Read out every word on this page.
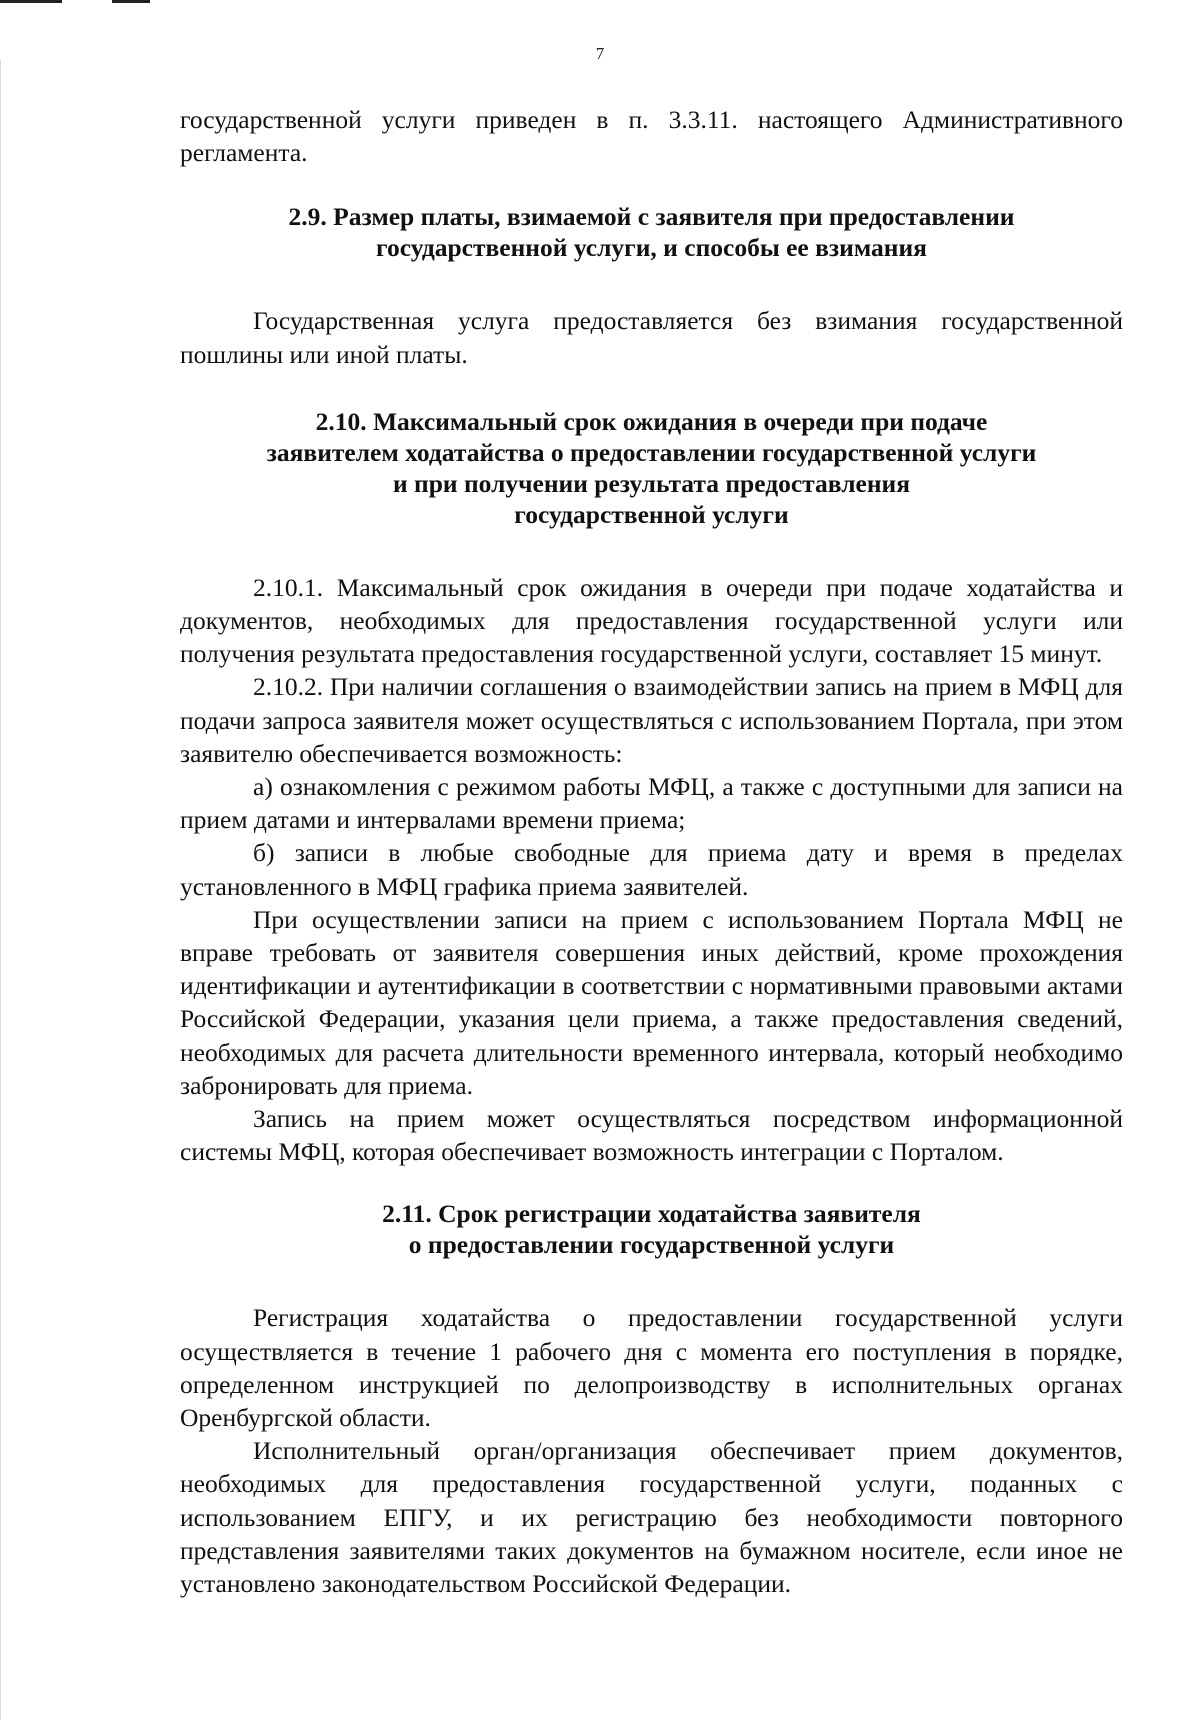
7

государственной услуги приведен в п. 3.3.11. настоящего Административного регламента.

2.9. Размер платы, взимаемой с заявителя при предоставлении
государственной услуги, и способы ее взимания

Государственная услуга предоставляется без взимания государственной пошлины или иной платы.

2.10. Максимальный срок ожидания в очереди при подаче
заявителем ходатайства о предоставлении государственной услуги
и при получении результата предоставления
государственной услуги

2.10.1. Максимальный срок ожидания в очереди при подаче ходатайства и документов, необходимых для предоставления государственной услуги или получения результата предоставления государственной услуги, составляет 15 минут.

2.10.2. При наличии соглашения о взаимодействии запись на прием в МФЦ для подачи запроса заявителя может осуществляться с использованием Портала, при этом заявителю обеспечивается возможность:

а) ознакомления с режимом работы МФЦ, а также с доступными для записи на прием датами и интервалами времени приема;

б) записи в любые свободные для приема дату и время в пределах установленного в МФЦ графика приема заявителей.

При осуществлении записи на прием с использованием Портала МФЦ не вправе требовать от заявителя совершения иных действий, кроме прохождения идентификации и аутентификации в соответствии с нормативными правовыми актами Российской Федерации, указания цели приема, а также предоставления сведений, необходимых для расчета длительности временного интервала, который необходимо забронировать для приема.

Запись на прием может осуществляться посредством информационной системы МФЦ, которая обеспечивает возможность интеграции с Порталом.

2.11. Срок регистрации ходатайства заявителя
о предоставлении государственной услуги

Регистрация ходатайства о предоставлении государственной услуги осуществляется в течение 1 рабочего дня с момента его поступления в порядке, определенном инструкцией по делопроизводству в исполнительных органах Оренбургской области.

Исполнительный орган/организация обеспечивает прием документов, необходимых для предоставления государственной услуги, поданных с использованием ЕПГУ, и их регистрацию без необходимости повторного представления заявителями таких документов на бумажном носителе, если иное не установлено законодательством Российской Федерации.
